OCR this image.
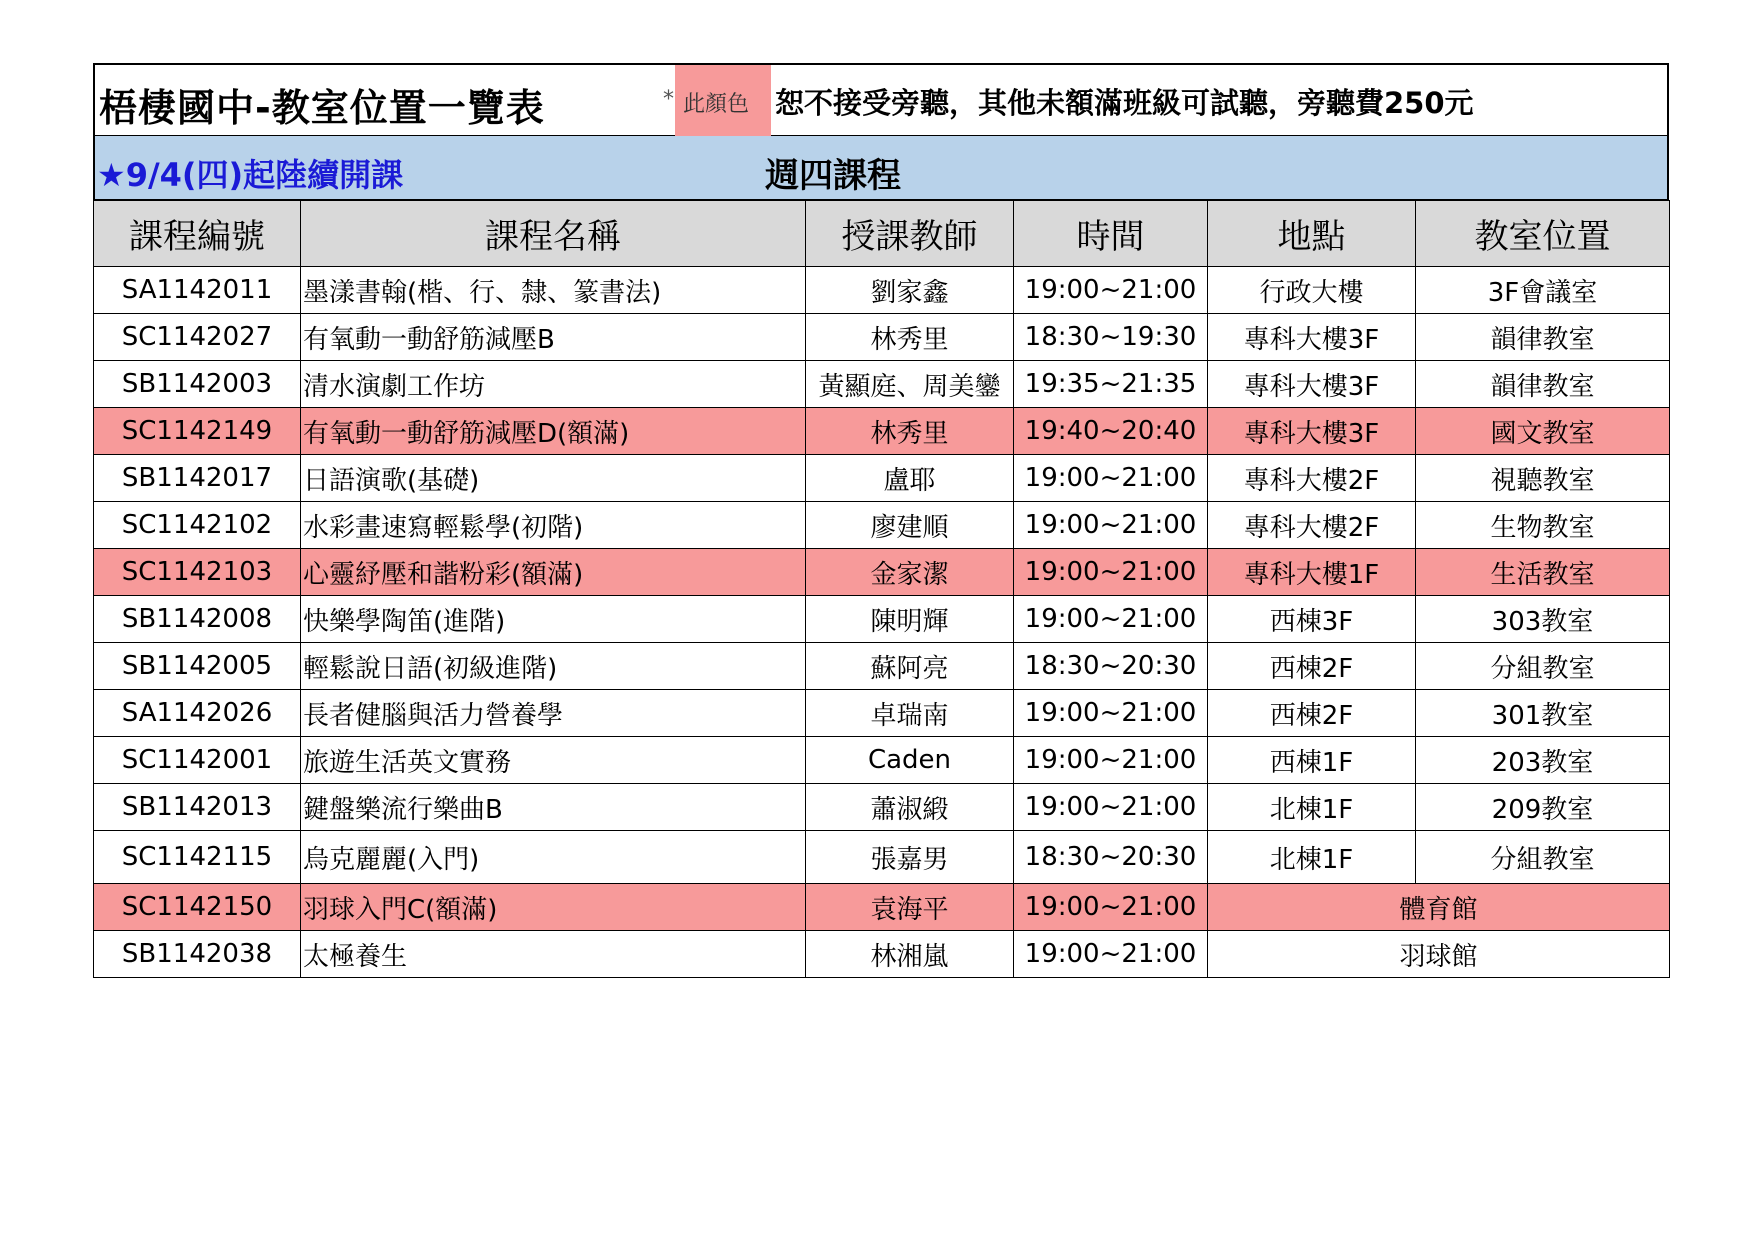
梧棲國中-教室位置一覽表	* 此顏色 恕不接受旁聽，其他未額滿班級可試聽，旁聽費250元
★9/4(四)起陸續開課	週四課程
課程編號	課程名稱	授課教師	時間	地點	教室位置
SA1142011	墨漾書翰(楷、行、隸、篆書法)	劉家鑫	19:00~21:00	行政大樓	3F會議室
SC1142027	有氧動一動舒筋減壓B	林秀里	18:30~19:30	專科大樓3F	韻律教室
SB1142003	清水演劇工作坊	黃顯庭、周美鑾	19:35~21:35	專科大樓3F	韻律教室
SC1142149	有氧動一動舒筋減壓D(額滿)	林秀里	19:40~20:40	專科大樓3F	國文教室
SB1142017	日語演歌(基礎)	盧耶	19:00~21:00	專科大樓2F	視聽教室
SC1142102	水彩畫速寫輕鬆學(初階)	廖建順	19:00~21:00	專科大樓2F	生物教室
SC1142103	心靈紓壓和諧粉彩(額滿)	金家潔	19:00~21:00	專科大樓1F	生活教室
SB1142008	快樂學陶笛(進階)	陳明輝	19:00~21:00	西棟3F	303教室
SB1142005	輕鬆說日語(初級進階)	蘇阿亮	18:30~20:30	西棟2F	分組教室
SA1142026	長者健腦與活力營養學	卓瑞南	19:00~21:00	西棟2F	301教室
SC1142001	旅遊生活英文實務	Caden	19:00~21:00	西棟1F	203教室
SB1142013	鍵盤樂流行樂曲B	蕭淑緞	19:00~21:00	北棟1F	209教室
SC1142115	烏克麗麗(入門)	張嘉男	18:30~20:30	北棟1F	分組教室
SC1142150	羽球入門C(額滿)	袁海平	19:00~21:00	體育館	
SB1142038	太極養生	林湘嵐	19:00~21:00	羽球館	
